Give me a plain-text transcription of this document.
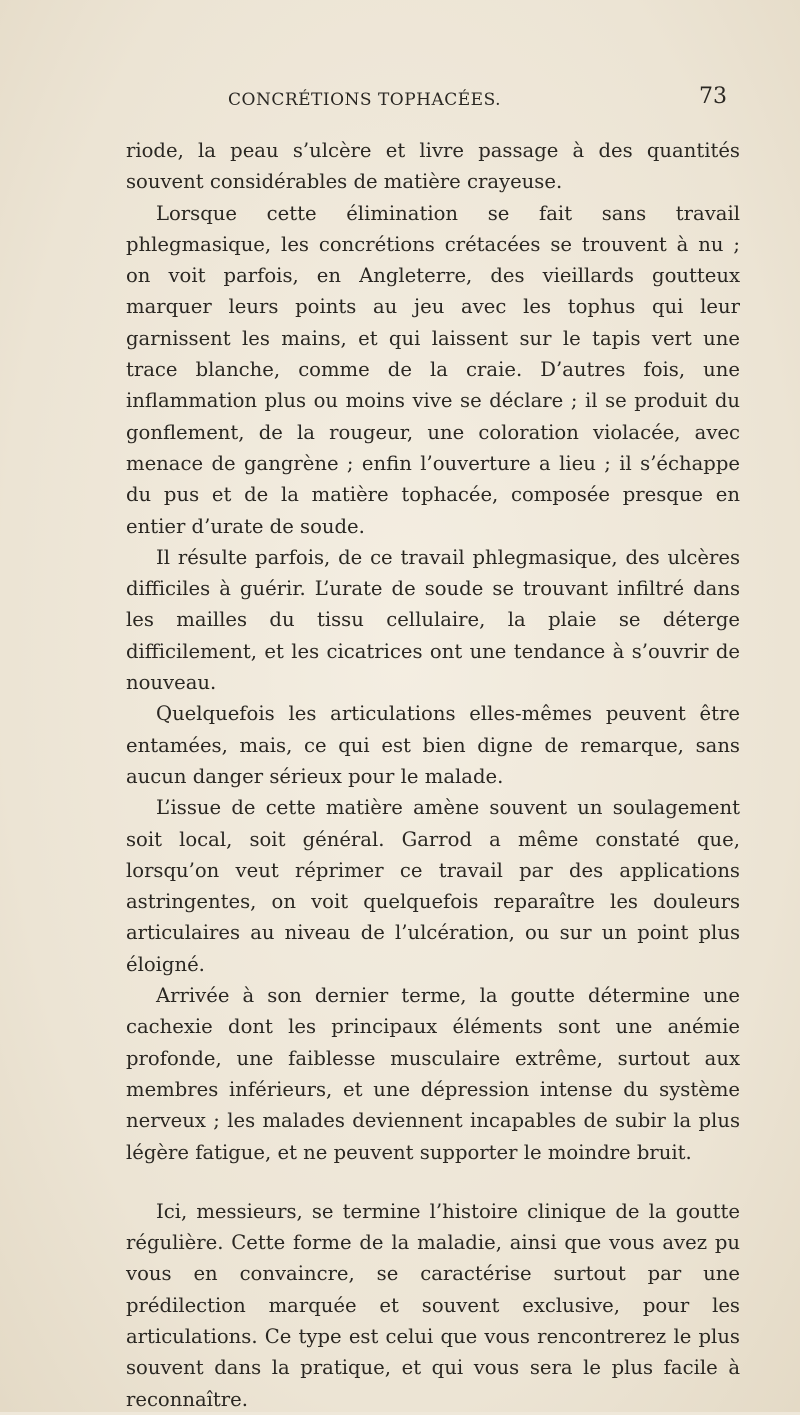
CONCRÉTIONS TOPHACÉES.	73

riode, la peau s’ulcère et livre passage à des quantités souvent considérables de matière crayeuse.

Lorsque cette élimination se fait sans travail phlegmasique, les concrétions crétacées se trouvent à nu ; on voit parfois, en Angleterre, des vieillards goutteux marquer leurs points au jeu avec les tophus qui leur garnissent les mains, et qui laissent sur le tapis vert une trace blanche, comme de la craie. D’autres fois, une inflammation plus ou moins vive se déclare ; il se produit du gonflement, de la rougeur, une coloration violacée, avec menace de gangrène ; enfin l’ouverture a lieu ; il s’échappe du pus et de la matière tophacée, composée presque en entier d’urate de soude.

Il résulte parfois, de ce travail phlegmasique, des ulcères difficiles à guérir. L’urate de soude se trouvant infiltré dans les mailles du tissu cellulaire, la plaie se déterge difficilement, et les cicatrices ont une tendance à s’ouvrir de nouveau.

Quelquefois les articulations elles-mêmes peuvent être entamées, mais, ce qui est bien digne de remarque, sans aucun danger sérieux pour le malade.

L’issue de cette matière amène souvent un soulagement soit local, soit général. Garrod a même constaté que, lorsqu’on veut réprimer ce travail par des applications astringentes, on voit quelquefois reparaître les douleurs articulaires au niveau de l’ulcération, ou sur un point plus éloigné.

Arrivée à son dernier terme, la goutte détermine une cachexie dont les principaux éléments sont une anémie profonde, une faiblesse musculaire extrême, surtout aux membres inférieurs, et une dépression intense du système nerveux ; les malades deviennent incapables de subir la plus légère fatigue, et ne peuvent supporter le moindre bruit.

Ici, messieurs, se termine l’histoire clinique de la goutte régulière. Cette forme de la maladie, ainsi que vous avez pu vous en convaincre, se caractérise surtout par une prédilection marquée et souvent exclusive, pour les articulations. Ce type est celui que vous rencontrerez le plus souvent dans la pratique, et qui vous sera le plus facile à reconnaître.
